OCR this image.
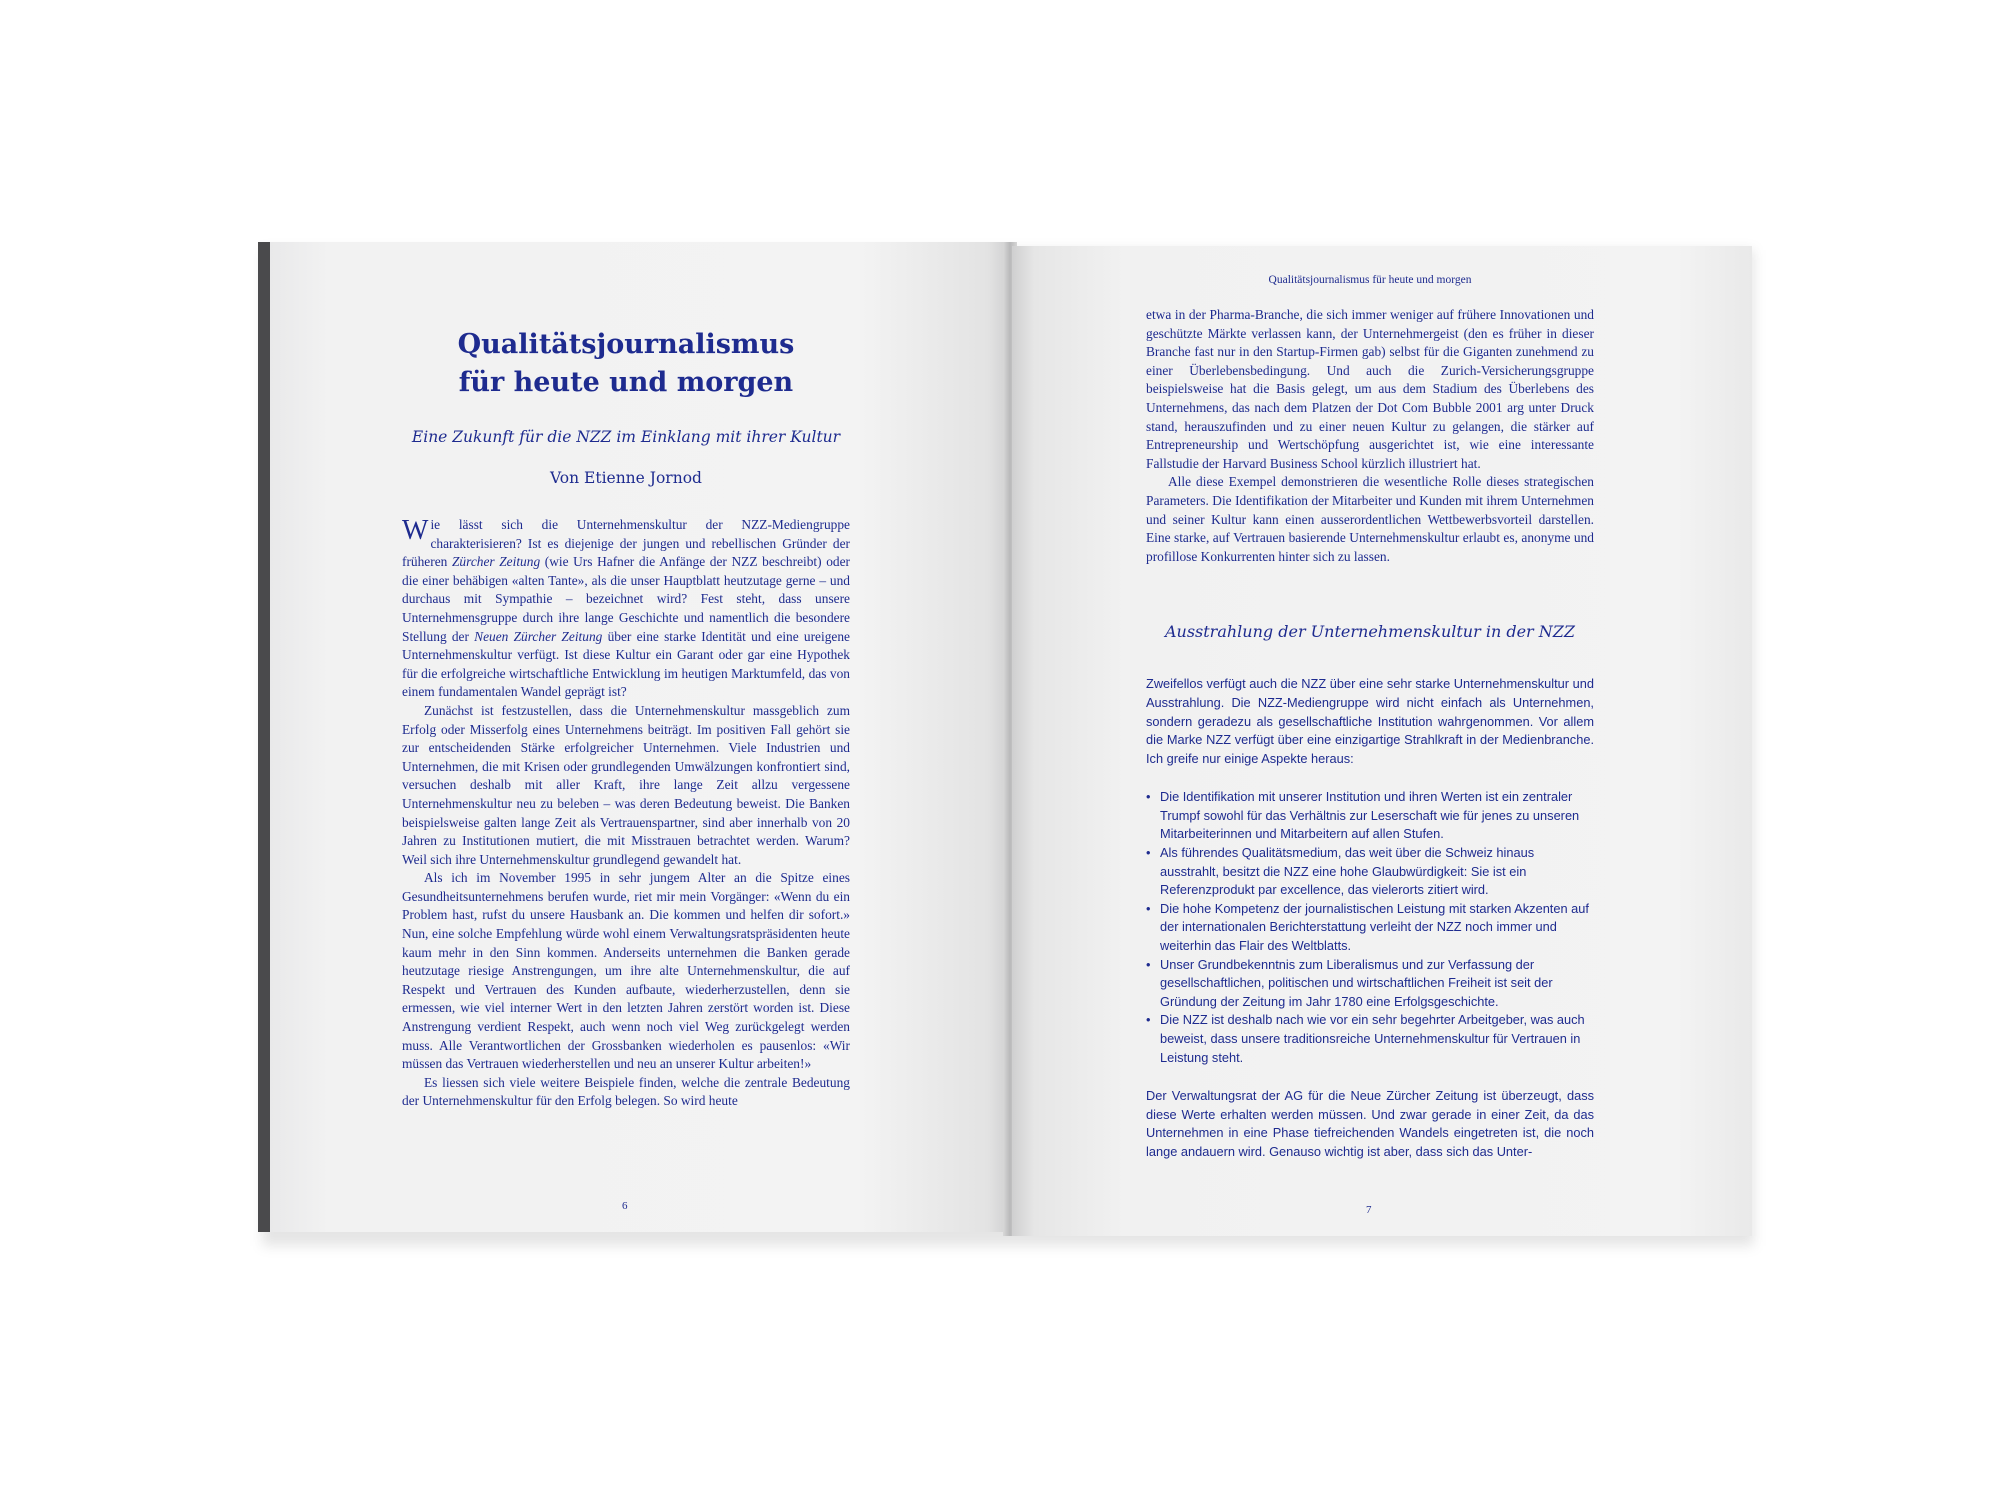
Qualitätsjournalismus
für heute und morgen
Eine Zukunft für die NZZ im Einklang mit ihrer Kultur
Von Etienne Jornod

Wie lässt sich die Unternehmenskultur der NZZ-Mediengruppe charakterisieren? Ist es diejenige der jungen und rebellischen Gründer der früheren Zürcher Zeitung (wie Urs Hafner die Anfänge der NZZ beschreibt) oder die einer behäbigen «alten Tante», als die unser Hauptblatt heutzutage gerne – und durchaus mit Sympathie – bezeichnet wird? Fest steht, dass unsere Unternehmensgruppe durch ihre lange Geschichte und namentlich die besondere Stellung der Neuen Zürcher Zeitung über eine starke Identität und eine ureigene Unternehmenskultur verfügt. Ist diese Kultur ein Garant oder gar eine Hypothek für die erfolgreiche wirtschaftliche Entwicklung im heutigen Marktumfeld, das von einem fundamentalen Wandel geprägt ist?

Zunächst ist festzustellen, dass die Unternehmenskultur massgeblich zum Erfolg oder Misserfolg eines Unternehmens beiträgt. Im positiven Fall gehört sie zur entscheidenden Stärke erfolgreicher Unternehmen. Viele Industrien und Unternehmen, die mit Krisen oder grundlegenden Umwälzungen konfrontiert sind, versuchen deshalb mit aller Kraft, ihre lange Zeit allzu vergessene Unternehmenskultur neu zu beleben – was deren Bedeutung beweist. Die Banken beispielsweise galten lange Zeit als Vertrauenspartner, sind aber innerhalb von 20 Jahren zu Institutionen mutiert, die mit Misstrauen betrachtet werden. Warum? Weil sich ihre Unternehmenskultur grundlegend gewandelt hat.

Als ich im November 1995 in sehr jungem Alter an die Spitze eines Gesundheitsunternehmens berufen wurde, riet mir mein Vorgänger: «Wenn du ein Problem hast, rufst du unsere Hausbank an. Die kommen und helfen dir sofort.» Nun, eine solche Empfehlung würde wohl einem Verwaltungsratspräsidenten heute kaum mehr in den Sinn kommen. Anderseits unternehmen die Banken gerade heutzutage riesige Anstrengungen, um ihre alte Unternehmenskultur, die auf Respekt und Vertrauen des Kunden aufbaute, wiederherzustellen, denn sie ermessen, wie viel interner Wert in den letzten Jahren zerstört worden ist. Diese Anstrengung verdient Respekt, auch wenn noch viel Weg zurückgelegt werden muss. Alle Verantwortlichen der Grossbanken wiederholen es pausenlos: «Wir müssen das Vertrauen wiederherstellen und neu an unserer Kultur arbeiten!»

Es liessen sich viele weitere Beispiele finden, welche die zentrale Bedeutung der Unternehmenskultur für den Erfolg belegen. So wird heute

6
Qualitätsjournalismus für heute und morgen

etwa in der Pharma-Branche, die sich immer weniger auf frühere Innovationen und geschützte Märkte verlassen kann, der Unternehmergeist (den es früher in dieser Branche fast nur in den Startup-Firmen gab) selbst für die Giganten zunehmend zu einer Überlebensbedingung. Und auch die Zurich-Versicherungsgruppe beispielsweise hat die Basis gelegt, um aus dem Stadium des Überlebens des Unternehmens, das nach dem Platzen der Dot Com Bubble 2001 arg unter Druck stand, herauszufinden und zu einer neuen Kultur zu gelangen, die stärker auf Entrepreneurship und Wertschöpfung ausgerichtet ist, wie eine interessante Fallstudie der Harvard Business School kürzlich illustriert hat.

Alle diese Exempel demonstrieren die wesentliche Rolle dieses strategischen Parameters. Die Identifikation der Mitarbeiter und Kunden mit ihrem Unternehmen und seiner Kultur kann einen ausserordentlichen Wettbewerbsvorteil darstellen. Eine starke, auf Vertrauen basierende Unternehmenskultur erlaubt es, anonyme und profillose Konkurrenten hinter sich zu lassen.

Ausstrahlung der Unternehmenskultur in der NZZ

Zweifellos verfügt auch die NZZ über eine sehr starke Unternehmenskultur und Ausstrahlung. Die NZZ-Mediengruppe wird nicht einfach als Unternehmen, sondern geradezu als gesellschaftliche Institution wahrgenommen. Vor allem die Marke NZZ verfügt über eine einzigartige Strahlkraft in der Medienbranche. Ich greife nur einige Aspekte heraus:

• Die Identifikation mit unserer Institution und ihren Werten ist ein zentraler Trumpf sowohl für das Verhältnis zur Leserschaft wie für jenes zu unseren Mitarbeiterinnen und Mitarbeitern auf allen Stufen.
• Als führendes Qualitätsmedium, das weit über die Schweiz hinaus ausstrahlt, besitzt die NZZ eine hohe Glaubwürdigkeit: Sie ist ein Referenzprodukt par excellence, das vielerorts zitiert wird.
• Die hohe Kompetenz der journalistischen Leistung mit starken Akzenten auf der internationalen Berichterstattung verleiht der NZZ noch immer und weiterhin das Flair des Weltblatts.
• Unser Grundbekenntnis zum Liberalismus und zur Verfassung der gesellschaftlichen, politischen und wirtschaftlichen Freiheit ist seit der Gründung der Zeitung im Jahr 1780 eine Erfolgsgeschichte.
• Die NZZ ist deshalb nach wie vor ein sehr begehrter Arbeitgeber, was auch beweist, dass unsere traditionsreiche Unternehmenskultur für Vertrauen in Leistung steht.

Der Verwaltungsrat der AG für die Neue Zürcher Zeitung ist überzeugt, dass diese Werte erhalten werden müssen. Und zwar gerade in einer Zeit, da das Unternehmen in eine Phase tiefreichenden Wandels eingetreten ist, die noch lange andauern wird. Genauso wichtig ist aber, dass sich das Unter-

7
